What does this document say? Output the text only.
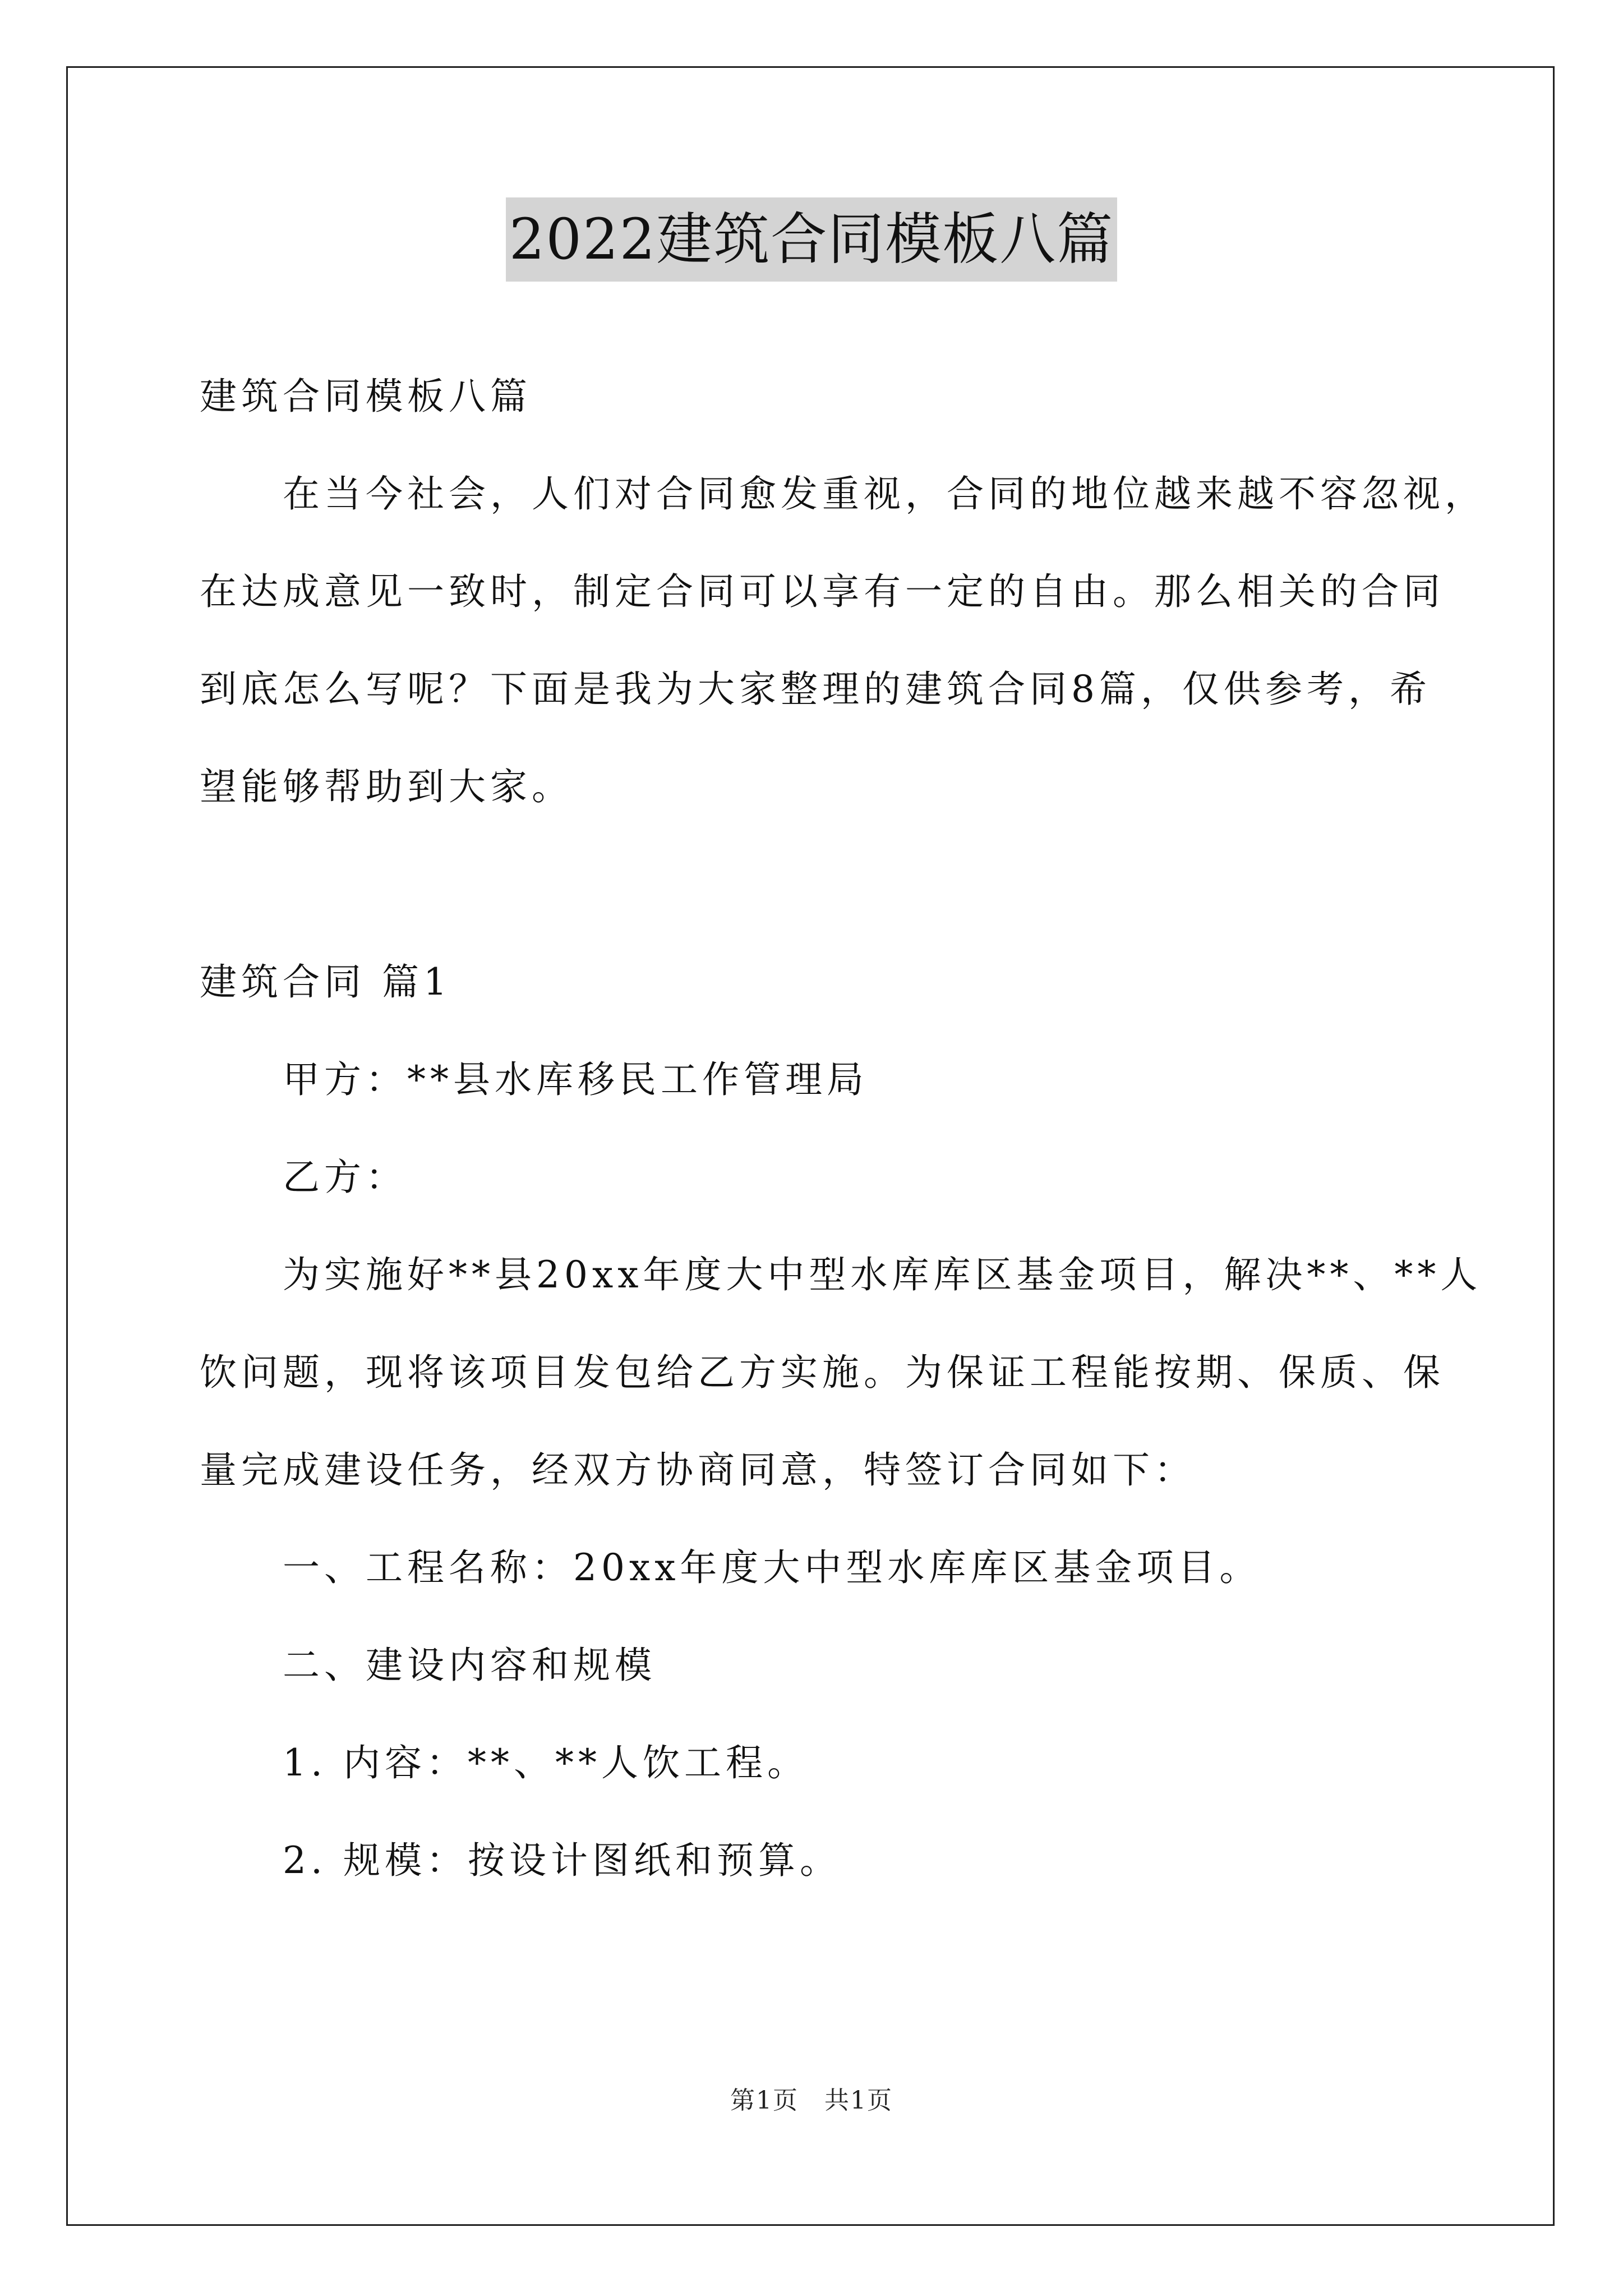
2022建筑合同模板八篇

建筑合同模板八篇

在当今社会，人们对合同愈发重视，合同的地位越来越不容忽视，

在达成意见一致时，制定合同可以享有一定的自由。那么相关的合同

到底怎么写呢？下面是我为大家整理的建筑合同8篇，仅供参考，希

望能够帮助到大家。

建筑合同 篇1

甲方：**县水库移民工作管理局

乙方：

为实施好**县20xx年度大中型水库库区基金项目，解决**、**人

饮问题，现将该项目发包给乙方实施。为保证工程能按期、保质、保

量完成建设任务，经双方协商同意，特签订合同如下：

一、工程名称：20xx年度大中型水库库区基金项目。

二、建设内容和规模

1. 内容：**、**人饮工程。

2. 规模：按设计图纸和预算。

第1页　共1页
